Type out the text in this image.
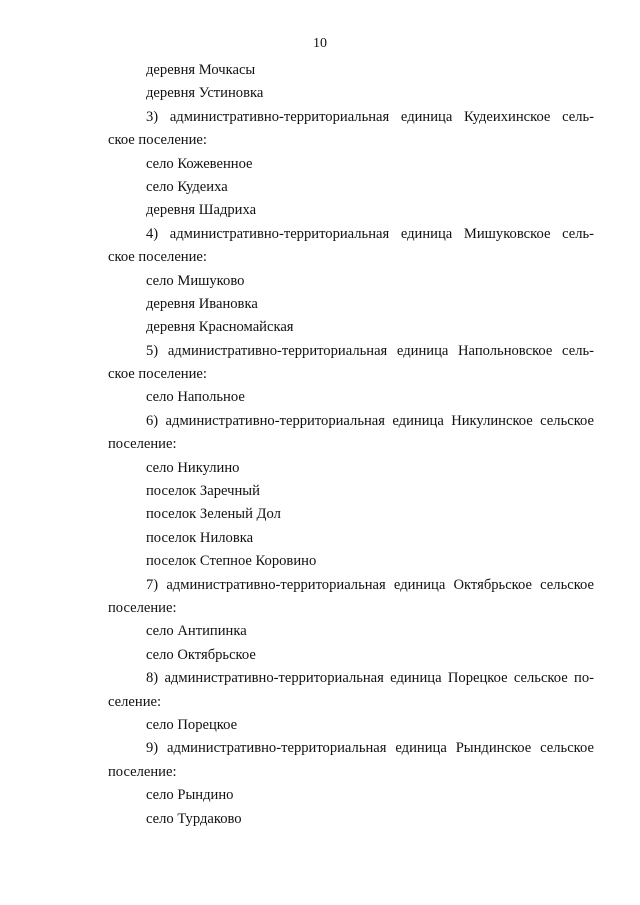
10
деревня Мочкасы
деревня Устиновка
3) административно-территориальная единица Кудеихинское сель-
ское поселение:
село Кожевенное
село Кудеиха
деревня Шадриха
4) административно-территориальная единица Мишуковское сель-
ское поселение:
село Мишуково
деревня Ивановка
деревня Красномайская
5) административно-территориальная единица Напольновское сель-
ское поселение:
село Напольное
6) административно-территориальная единица Никулинское сельское
поселение:
село Никулино
поселок Заречный
поселок Зеленый Дол
поселок Ниловка
поселок Степное Коровино
7) административно-территориальная единица Октябрьское сельское
поселение:
село Антипинка
село Октябрьское
8) административно-территориальная единица Порецкое сельское по-
селение:
село Порецкое
9) административно-территориальная единица Рындинское сельское
поселение:
село Рындино
село Турдаково
